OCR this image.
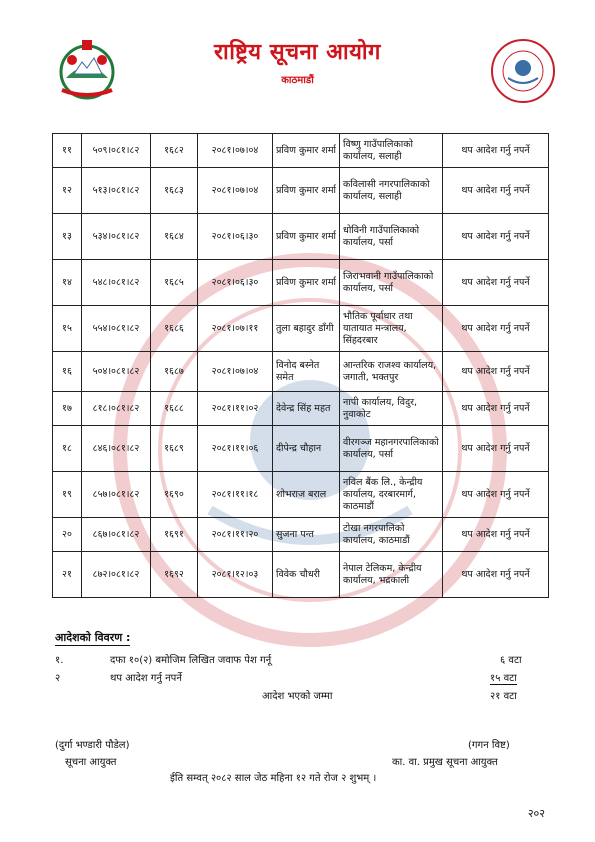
राष्ट्रिय सूचना आयोग
काठमाडौं
११	५०९।०८१।८२	१६८२	२०८१।०७।०४	प्रविण कुमार शर्मा	विष्णु गाउँपालिकाको कार्यालय, सलाही	थप आदेश गर्नु नपर्ने
१२	५१३।०८१।८२	१६८३	२०८१।०७।०४	प्रविण कुमार शर्मा	कविलासी नगरपालिकाको कार्यालय, सलाही	थप आदेश गर्नु नपर्ने
१३	५३४।०८१।८२	१६८४	२०८१।०६।३०	प्रविण कुमार शर्मा	धोविनी गाउँपालिकाको कार्यालय, पर्सा	थप आदेश गर्नु नपर्ने
१४	५४८।०८१।८२	१६८५	२०८१।०६।३०	प्रविण कुमार शर्मा	जिराभवानी गाउँपालिकाको कार्यालय, पर्सा	थप आदेश गर्नु नपर्ने
१५	५५४।०८१।८२	१६८६	२०८१।०७।११	तुला बहादुर डाँगी	भौतिक पूर्वाधार तथा यातायात मन्त्रालय, सिंहदरबार	थप आदेश गर्नु नपर्ने
१६	५०४।०८१।८२	१६८७	२०८१।०७।०४	विनोद बस्नेत समेत	आन्तरिक राजश्व कार्यालय, जगाती, भक्तपुर	थप आदेश गर्नु नपर्ने
१७	८१८।०८१।८२	१६८८	२०८१।११।०२	देवेन्द्र सिंह महत	नापी कार्यालय, विदुर, नुवाकोट	थप आदेश गर्नु नपर्ने
१८	८४६।०८१।८२	१६८९	२०८१।११।०६	दीपेन्द्र चौहान	वीरगञ्ज महानगरपालिकाको कार्यालय, पर्सा	थप आदेश गर्नु नपर्ने
१९	८५७।०८१।८२	१६९०	२०८१।११।१८	शोभराज बराल	नविल बैंक लि., केन्द्रीय कार्यालय, दरबारमार्ग, काठमाडौं	थप आदेश गर्नु नपर्ने
२०	८६७।०८१।८२	१६९१	२०८१।११।२०	सुजना पन्त	टोखा नगरपालिको कार्यालय, काठमाडौं	थप आदेश गर्नु नपर्ने
२१	८७२।०८१।८२	१६९२	२०८१।१२।०३	विवेक चौधरी	नेपाल टेलिकम, केन्द्रीय कार्यालय, भद्रकाली	थप आदेश गर्नु नपर्ने
आदेशको विवरण :
१.	दफा १०(२) बमोजिम लिखित जवाफ पेश गर्नू	६ वटा
२	थप आदेश गर्नु नपर्ने	१५ वटा
आदेश भएको जम्मा	२१ वटा
(दुर्गा भण्डारी पौडेल)
सूचना आयुक्त
(गगन विष्ट)
का. वा. प्रमुख सूचना आयुक्त
ईति सम्वत् २०८२ साल जेठ महिना १२ गते रोज २ शुभम् ।
२०२
